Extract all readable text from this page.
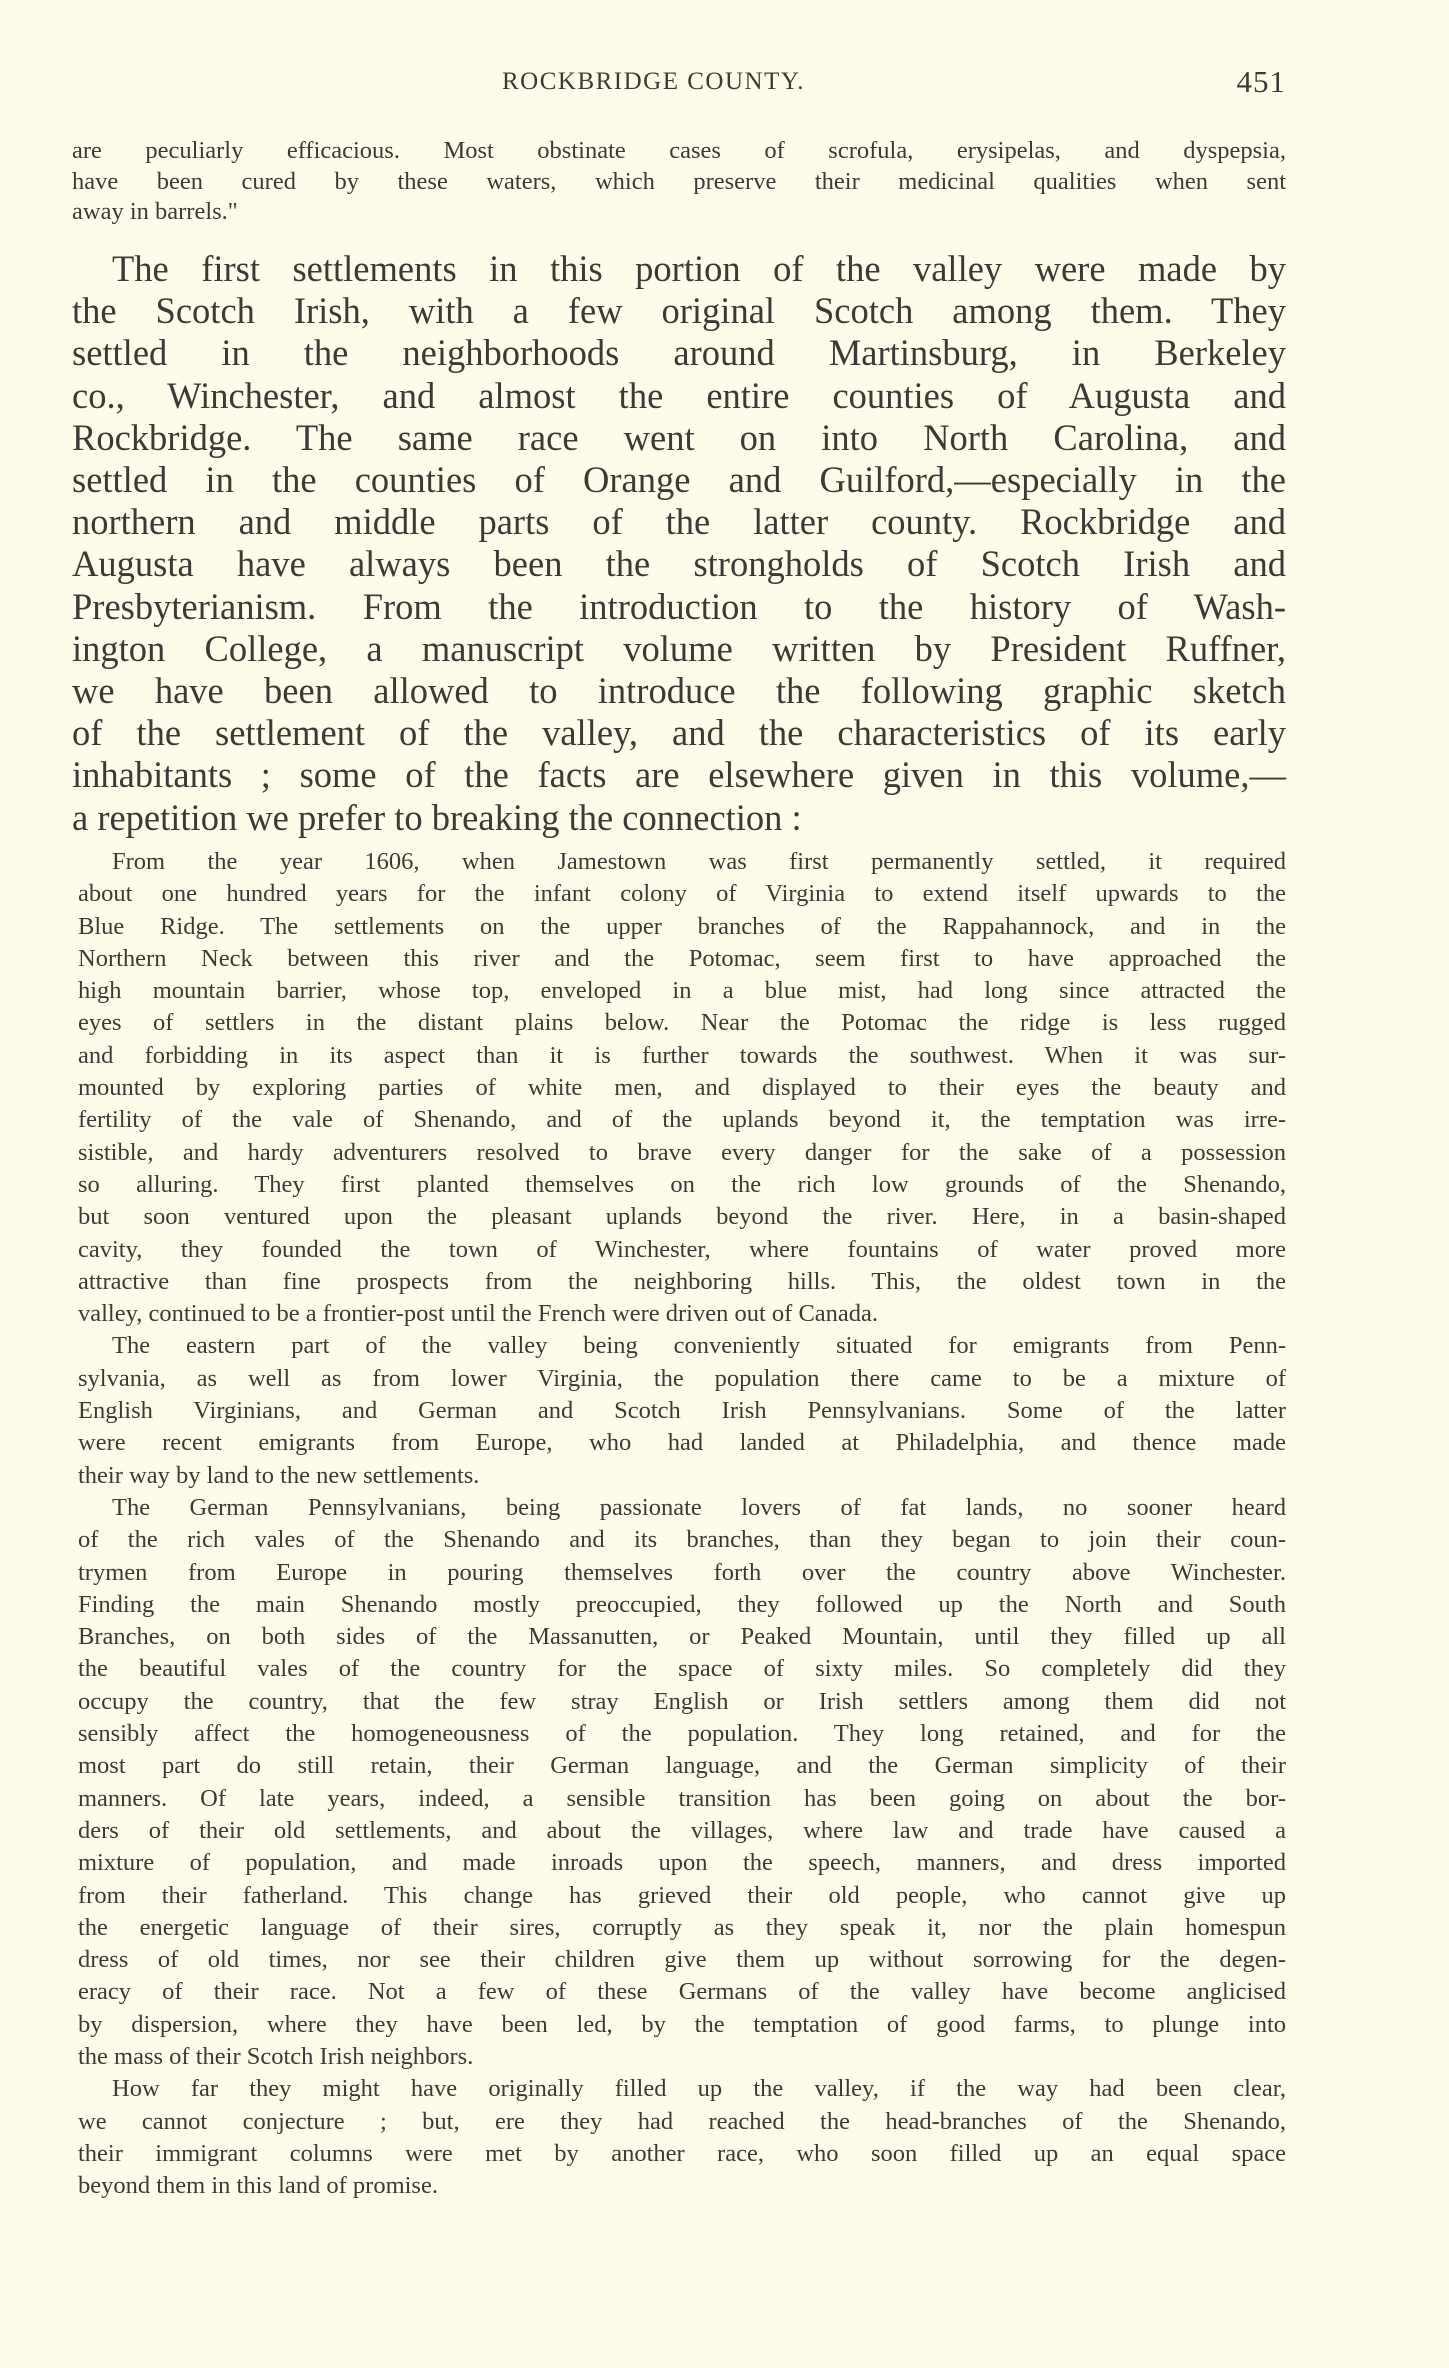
ROCKBRIDGE COUNTY.	451
are peculiarly efficacious. Most obstinate cases of scrofula, erysipelas, and dyspepsia,
have been cured by these waters, which preserve their medicinal qualities when sent
away in barrels."
The first settlements in this portion of the valley were made by
the Scotch Irish, with a few original Scotch among them. They
settled in the neighborhoods around Martinsburg, in Berkeley
co., Winchester, and almost the entire counties of Augusta and
Rockbridge. The same race went on into North Carolina, and
settled in the counties of Orange and Guilford,—especially in the
northern and middle parts of the latter county. Rockbridge and
Augusta have always been the strongholds of Scotch Irish and
Presbyterianism. From the introduction to the history of Wash-
ington College, a manuscript volume written by President Ruffner,
we have been allowed to introduce the following graphic sketch
of the settlement of the valley, and the characteristics of its early
inhabitants ; some of the facts are elsewhere given in this volume,—
a repetition we prefer to breaking the connection :
From the year 1606, when Jamestown was first permanently settled, it required
about one hundred years for the infant colony of Virginia to extend itself upwards to the
Blue Ridge. The settlements on the upper branches of the Rappahannock, and in the
Northern Neck between this river and the Potomac, seem first to have approached the
high mountain barrier, whose top, enveloped in a blue mist, had long since attracted the
eyes of settlers in the distant plains below. Near the Potomac the ridge is less rugged
and forbidding in its aspect than it is further towards the southwest. When it was sur-
mounted by exploring parties of white men, and displayed to their eyes the beauty and
fertility of the vale of Shenando, and of the uplands beyond it, the temptation was irre-
sistible, and hardy adventurers resolved to brave every danger for the sake of a possession
so alluring. They first planted themselves on the rich low grounds of the Shenando,
but soon ventured upon the pleasant uplands beyond the river. Here, in a basin-shaped
cavity, they founded the town of Winchester, where fountains of water proved more
attractive than fine prospects from the neighboring hills. This, the oldest town in the
valley, continued to be a frontier-post until the French were driven out of Canada.
The eastern part of the valley being conveniently situated for emigrants from Penn-
sylvania, as well as from lower Virginia, the population there came to be a mixture of
English Virginians, and German and Scotch Irish Pennsylvanians. Some of the latter
were recent emigrants from Europe, who had landed at Philadelphia, and thence made
their way by land to the new settlements.
The German Pennsylvanians, being passionate lovers of fat lands, no sooner heard
of the rich vales of the Shenando and its branches, than they began to join their coun-
trymen from Europe in pouring themselves forth over the country above Winchester.
Finding the main Shenando mostly preoccupied, they followed up the North and South
Branches, on both sides of the Massanutten, or Peaked Mountain, until they filled up all
the beautiful vales of the country for the space of sixty miles. So completely did they
occupy the country, that the few stray English or Irish settlers among them did not
sensibly affect the homogeneousness of the population. They long retained, and for the
most part do still retain, their German language, and the German simplicity of their
manners. Of late years, indeed, a sensible transition has been going on about the bor-
ders of their old settlements, and about the villages, where law and trade have caused a
mixture of population, and made inroads upon the speech, manners, and dress imported
from their fatherland. This change has grieved their old people, who cannot give up
the energetic language of their sires, corruptly as they speak it, nor the plain homespun
dress of old times, nor see their children give them up without sorrowing for the degen-
eracy of their race. Not a few of these Germans of the valley have become anglicised
by dispersion, where they have been led, by the temptation of good farms, to plunge into
the mass of their Scotch Irish neighbors.
How far they might have originally filled up the valley, if the way had been clear,
we cannot conjecture ; but, ere they had reached the head-branches of the Shenando,
their immigrant columns were met by another race, who soon filled up an equal space
beyond them in this land of promise.
